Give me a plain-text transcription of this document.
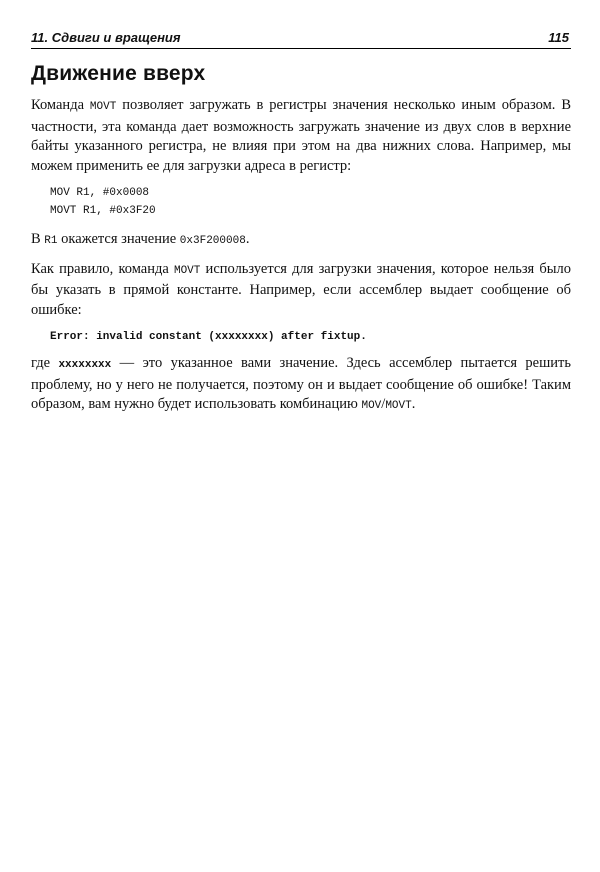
11. Сдвиги и вращения	115
Движение вверх

Команда MOVT позволяет загружать в регистры значения несколько иным образом. В частности, эта команда дает возможность загружать значение из двух слов в верхние байты указанного регистра, не влияя при этом на два нижних слова. Например, мы можем применить ее для загрузки адреса в регистр:

MOV R1, #0x0008
MOVT R1, #0x3F20

В R1 окажется значение 0x3F200008.

Как правило, команда MOVT используется для загрузки значения, которое нельзя было бы указать в прямой константе. Например, если ассемблер выдает сообщение об ошибке:

Error: invalid constant (xxxxxxxx) after fixtup.

где xxxxxxxx — это указанное вами значение. Здесь ассемблер пытается решить проблему, но у него не получается, поэтому он и выдает сообщение об ошибке! Таким образом, вам нужно будет использовать комбинацию MOV/MOVT.
